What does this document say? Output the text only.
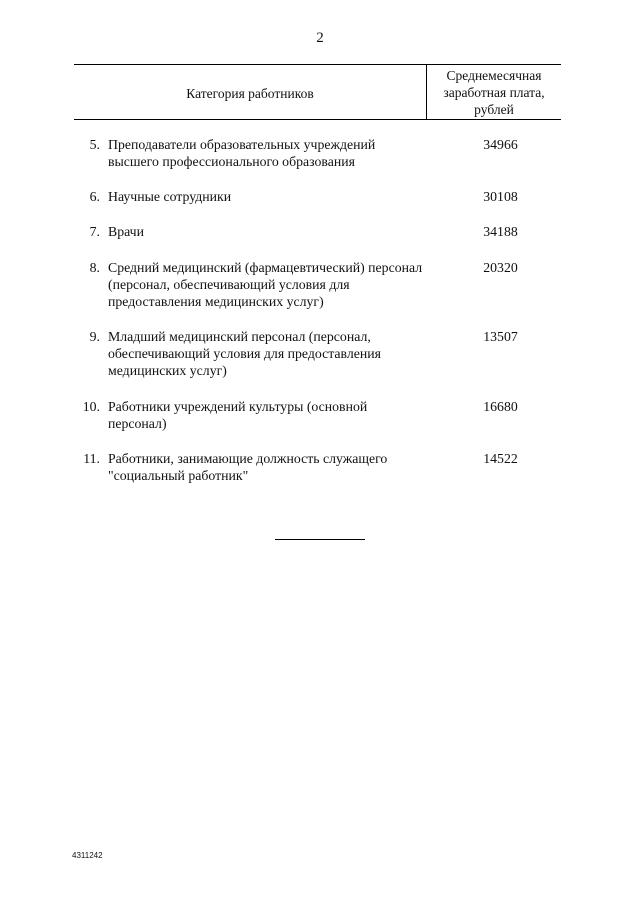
2
Категория работников
Среднемесячная заработная плата, рублей
5. Преподаватели образовательных учреждений высшего профессионального образования
34966
6. Научные сотрудники	30108
7. Врачи	34188
8. Средний медицинский (фармацевтический) персонал (персонал, обеспечивающий условия для предоставления медицинских услуг)
20320
9. Младший медицинский персонал (персонал, обеспечивающий условия для предоставления медицинских услуг)
13507
10. Работники учреждений культуры (основной персонал)
16680
11. Работники, занимающие должность служащего "социальный работник"
14522
4311242
